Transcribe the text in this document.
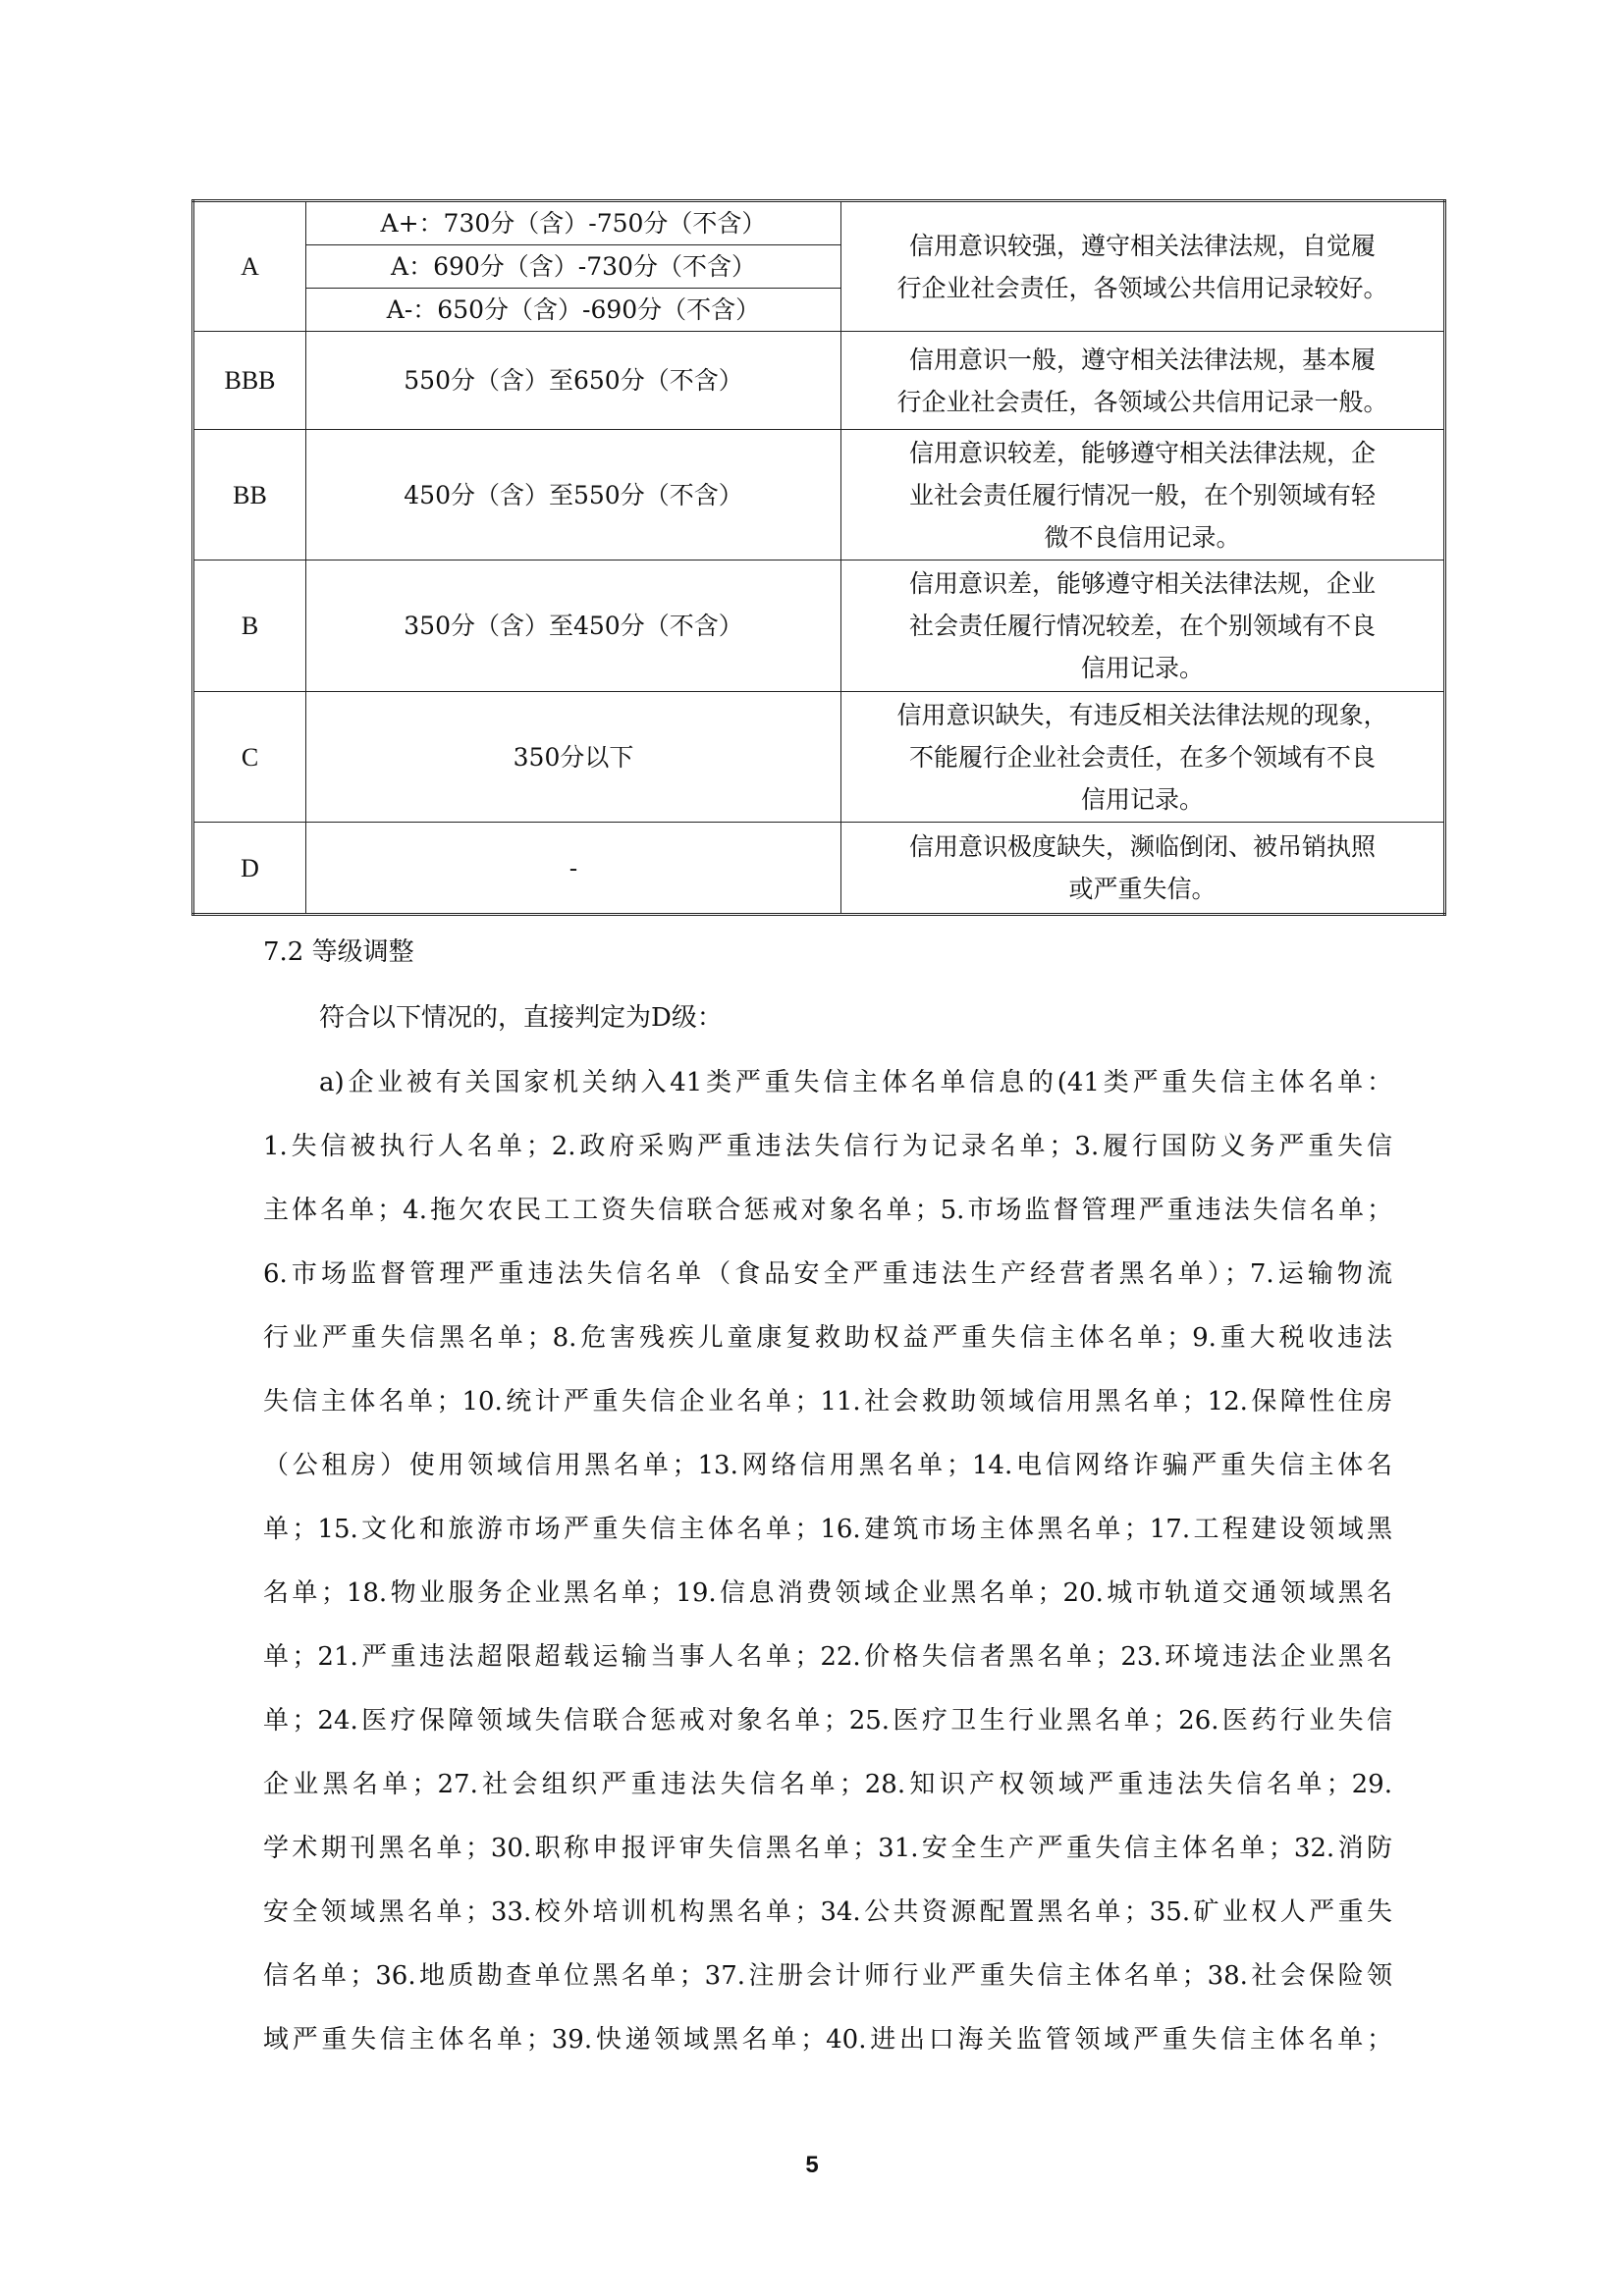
A	A+：730分（含）-750分（不含）	信用意识较强，遵守相关法律法规，自觉履
行企业社会责任，各领域公共信用记录较好。

	A：690分（含）-730分（不含）	
	A-：650分（含）-690分（不含）	
BBB	550分（含）至650分（不含）	信用意识一般，遵守相关法律法规，基本履
行企业社会责任，各领域公共信用记录一般。

BB	450分（含）至550分（不含）	信用意识较差，能够遵守相关法律法规，企
业社会责任履行情况一般，在个别领域有轻
微不良信用记录。

B	350分（含）至450分（不含）	信用意识差，能够遵守相关法律法规，企业
社会责任履行情况较差，在个别领域有不良
信用记录。

C	350分以下	信用意识缺失，有违反相关法律法规的现象，
不能履行企业社会责任，在多个领域有不良
信用记录。

D	-	信用意识极度缺失，濒临倒闭、被吊销执照
或严重失信。
7.2 等级调整
符合以下情况的，直接判定为D级：
a)企业被有关国家机关纳入41类严重失信主体名单信息的(41类严重失信主体名单：
1.失信被执行人名单；2.政府采购严重违法失信行为记录名单；3.履行国防义务严重失信
主体名单；4.拖欠农民工工资失信联合惩戒对象名单；5.市场监督管理严重违法失信名单；
6.市场监督管理严重违法失信名单（食品安全严重违法生产经营者黑名单）；7.运输物流
行业严重失信黑名单；8.危害残疾儿童康复救助权益严重失信主体名单；9.重大税收违法
失信主体名单；10.统计严重失信企业名单；11.社会救助领域信用黑名单；12.保障性住房
（公租房）使用领域信用黑名单；13.网络信用黑名单；14.电信网络诈骗严重失信主体名
单；15.文化和旅游市场严重失信主体名单；16.建筑市场主体黑名单；17.工程建设领域黑
名单；18.物业服务企业黑名单；19.信息消费领域企业黑名单；20.城市轨道交通领域黑名
单；21.严重违法超限超载运输当事人名单；22.价格失信者黑名单；23.环境违法企业黑名
单；24.医疗保障领域失信联合惩戒对象名单；25.医疗卫生行业黑名单；26.医药行业失信
企业黑名单；27.社会组织严重违法失信名单；28.知识产权领域严重违法失信名单；29.
学术期刊黑名单；30.职称申报评审失信黑名单；31.安全生产严重失信主体名单；32.消防
安全领域黑名单；33.校外培训机构黑名单；34.公共资源配置黑名单；35.矿业权人严重失
信名单；36.地质勘查单位黑名单；37.注册会计师行业严重失信主体名单；38.社会保险领
域严重失信主体名单；39.快递领域黑名单；40.进出口海关监管领域严重失信主体名单；
5
